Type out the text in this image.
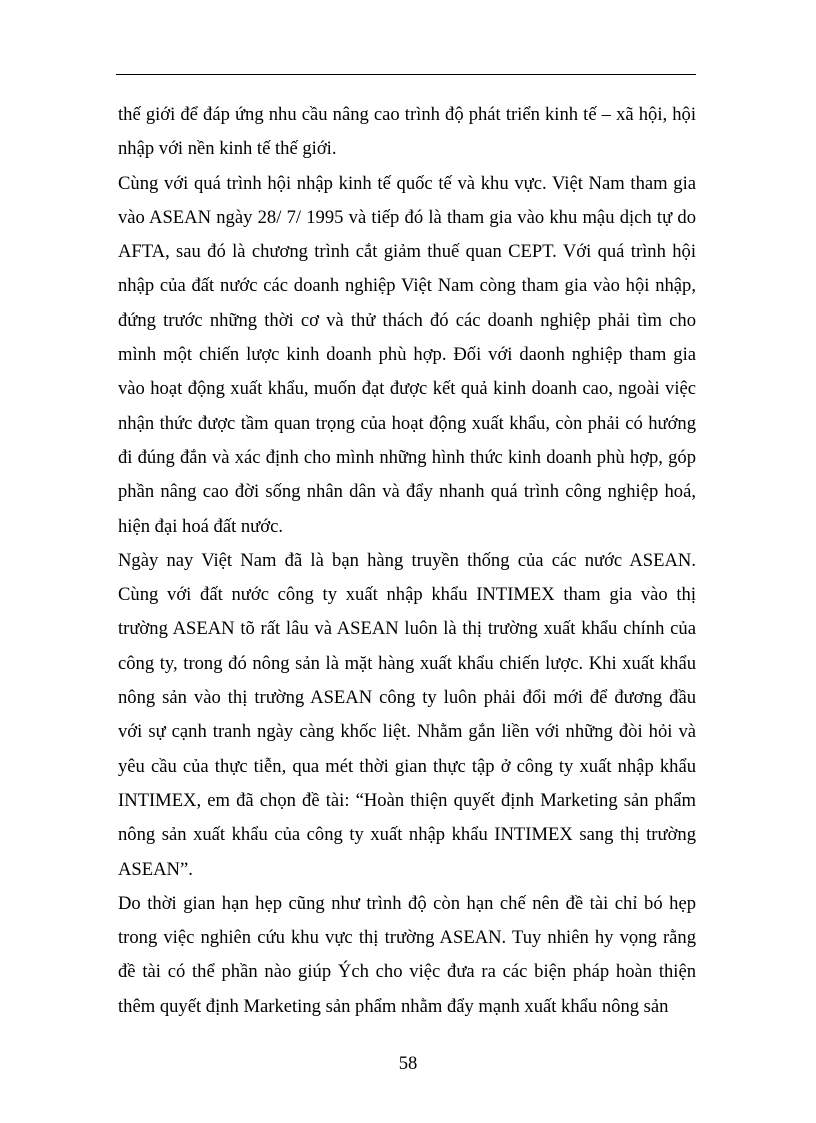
thế giới để đáp ứng nhu cầu nâng cao trình độ phát triển kinh tế – xã hội, hội
nhập với nền kinh tế thế giới.
Cùng với quá trình hội nhập kinh tế quốc tế và khu vực. Việt Nam tham gia
vào ASEAN ngày 28/ 7/ 1995 và tiếp đó là tham gia vào khu mậu dịch tự do
AFTA, sau đó là chương trình cắt giảm thuế quan CEPT. Với quá trình hội
nhập của đất nước các doanh nghiệp Việt Nam còng tham gia vào hội nhập,
đứng trước những thời cơ và thử thách đó các doanh nghiệp phải tìm cho
mình một chiến lược kinh doanh phù hợp. Đối với daonh nghiệp tham gia
vào hoạt động xuất khẩu, muốn đạt được kết quả kinh doanh cao, ngoài việc
nhận thức được tầm quan trọng của hoạt động xuất khẩu, còn phải có hướng
đi đúng đắn và xác định cho mình những hình thức kinh doanh phù hợp, góp
phần nâng cao đời sống nhân dân và đẩy nhanh quá trình công nghiệp hoá,
hiện đại hoá đất nước.
Ngày nay Việt Nam đã là bạn hàng truyền thống của các nước ASEAN.
Cùng với đất nước công ty xuất nhập khẩu INTIMEX tham gia vào thị
trường ASEAN tõ rất lâu và ASEAN luôn là thị trường xuất khẩu chính của
công ty, trong đó nông sản là mặt hàng xuất khẩu chiến lược. Khi xuất khẩu
nông sản vào thị trường ASEAN công ty luôn phải đổi mới để đương đầu
với sự cạnh tranh ngày càng khốc liệt. Nhằm gắn liền với những đòi hỏi và
yêu cầu của thực tiễn, qua mét thời gian thực tập ở công ty xuất nhập khẩu
INTIMEX, em đã chọn đề tài: “Hoàn thiện quyết định Marketing sản phẩm
nông sản xuất khẩu của công ty xuất nhập khẩu INTIMEX sang thị trường
ASEAN”.
Do thời gian hạn hẹp cũng như trình độ còn hạn chế nên đề tài chỉ bó hẹp
trong việc nghiên cứu khu vực thị trường ASEAN. Tuy nhiên hy vọng rằng
đề tài có thể phần nào giúp Ých cho việc đưa ra các biện pháp hoàn thiện
thêm quyết định Marketing sản phẩm nhằm đẩy mạnh xuất khẩu nông sản
58
